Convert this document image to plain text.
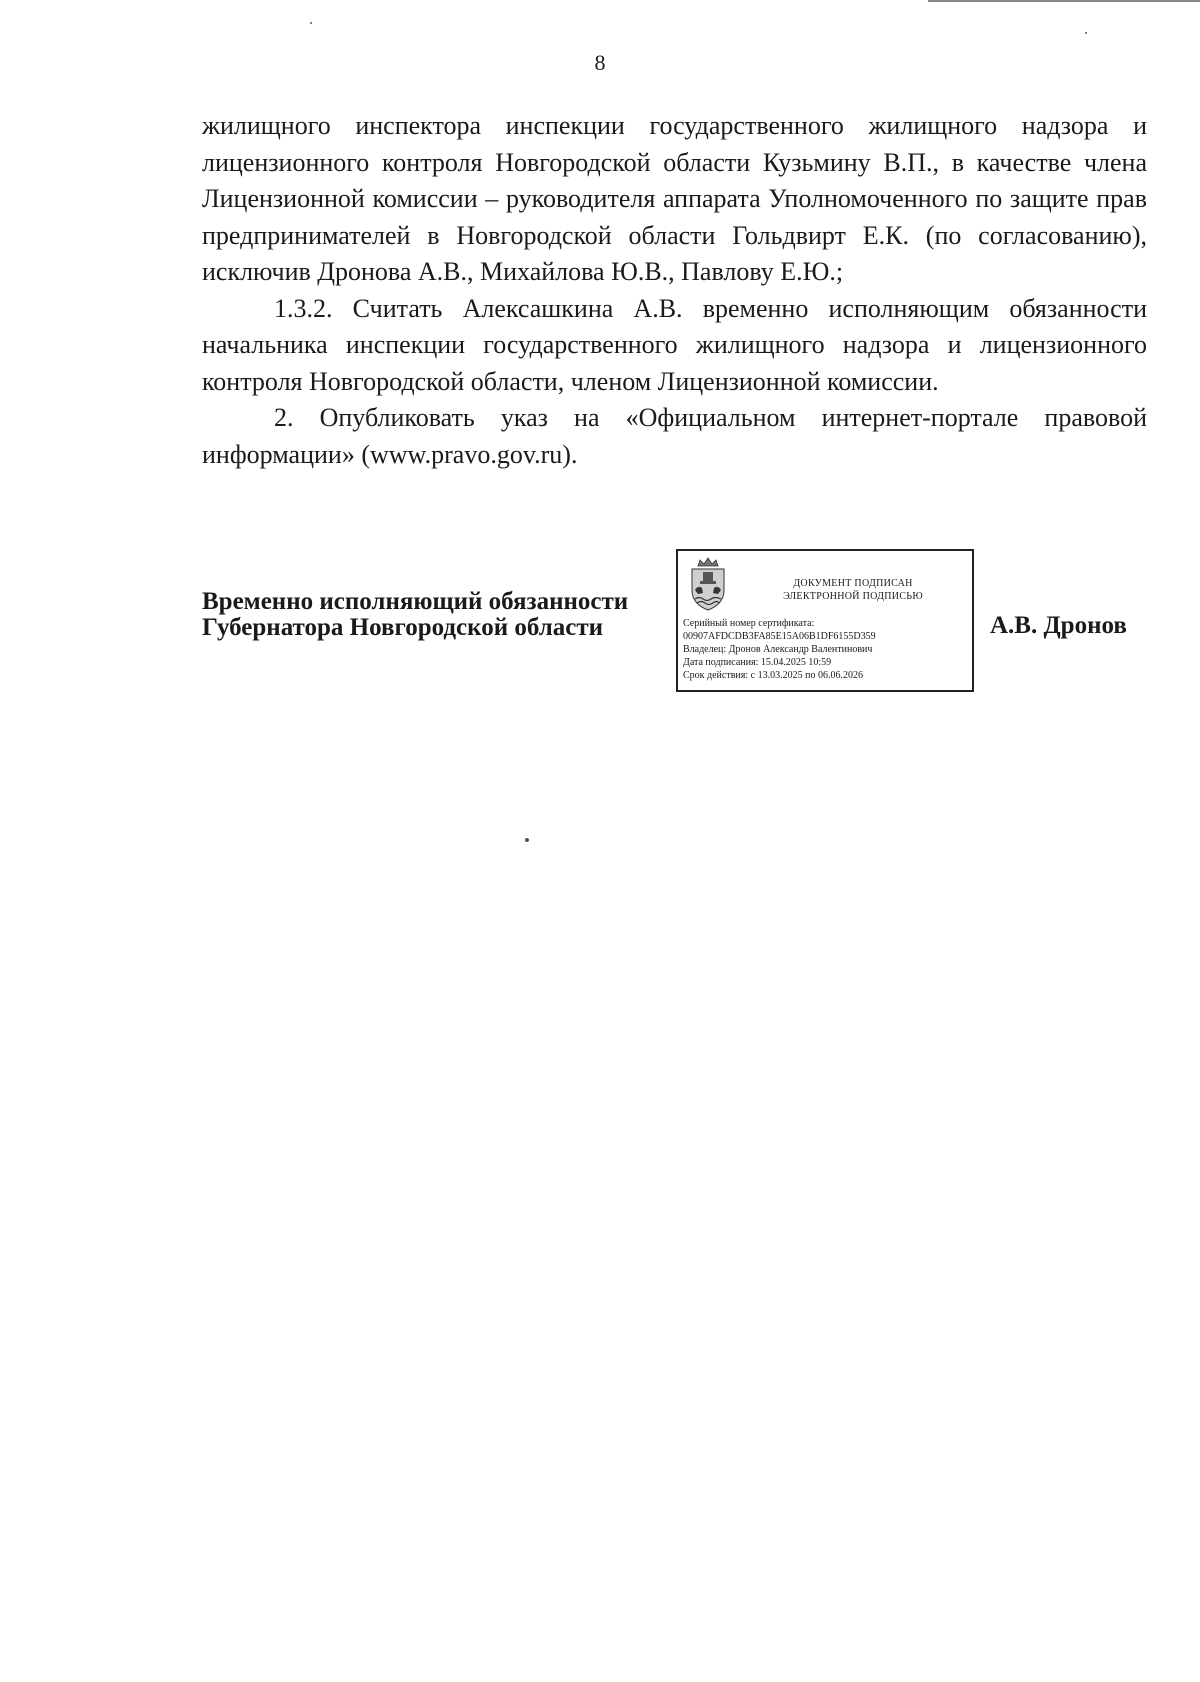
8

жилищного инспектора инспекции государственного жилищного надзора и лицензионного контроля Новгородской области Кузьмину В.П., в качестве члена Лицензионной комиссии – руководителя аппарата Уполномоченного по защите прав предпринимателей в Новгородской области Гольдвирт Е.К. (по согласованию), исключив Дронова А.В., Михайлова Ю.В., Павлову Е.Ю.;

1.3.2. Считать Алексашкина А.В. временно исполняющим обязанности начальника инспекции государственного жилищного надзора и лицензионного контроля Новгородской области, членом Лицензионной комиссии.

2. Опубликовать указ на «Официальном интернет-портале правовой информации» (www.pravo.gov.ru).

Временно исполняющий обязанности
Губернатора Новгородской области
ДОКУМЕНТ ПОДПИСАН
ЭЛЕКТРОННОЙ ПОДПИСЬЮ
Серийный номер сертификата:
00907AFDCDB3FA85E15A06B1DF6155D359
Владелец: Дронов Александр Валентинович
Дата подписания: 15.04.2025 10:59
Срок действия: с 13.03.2025 по 06.06.2026
А.В. Дронов
